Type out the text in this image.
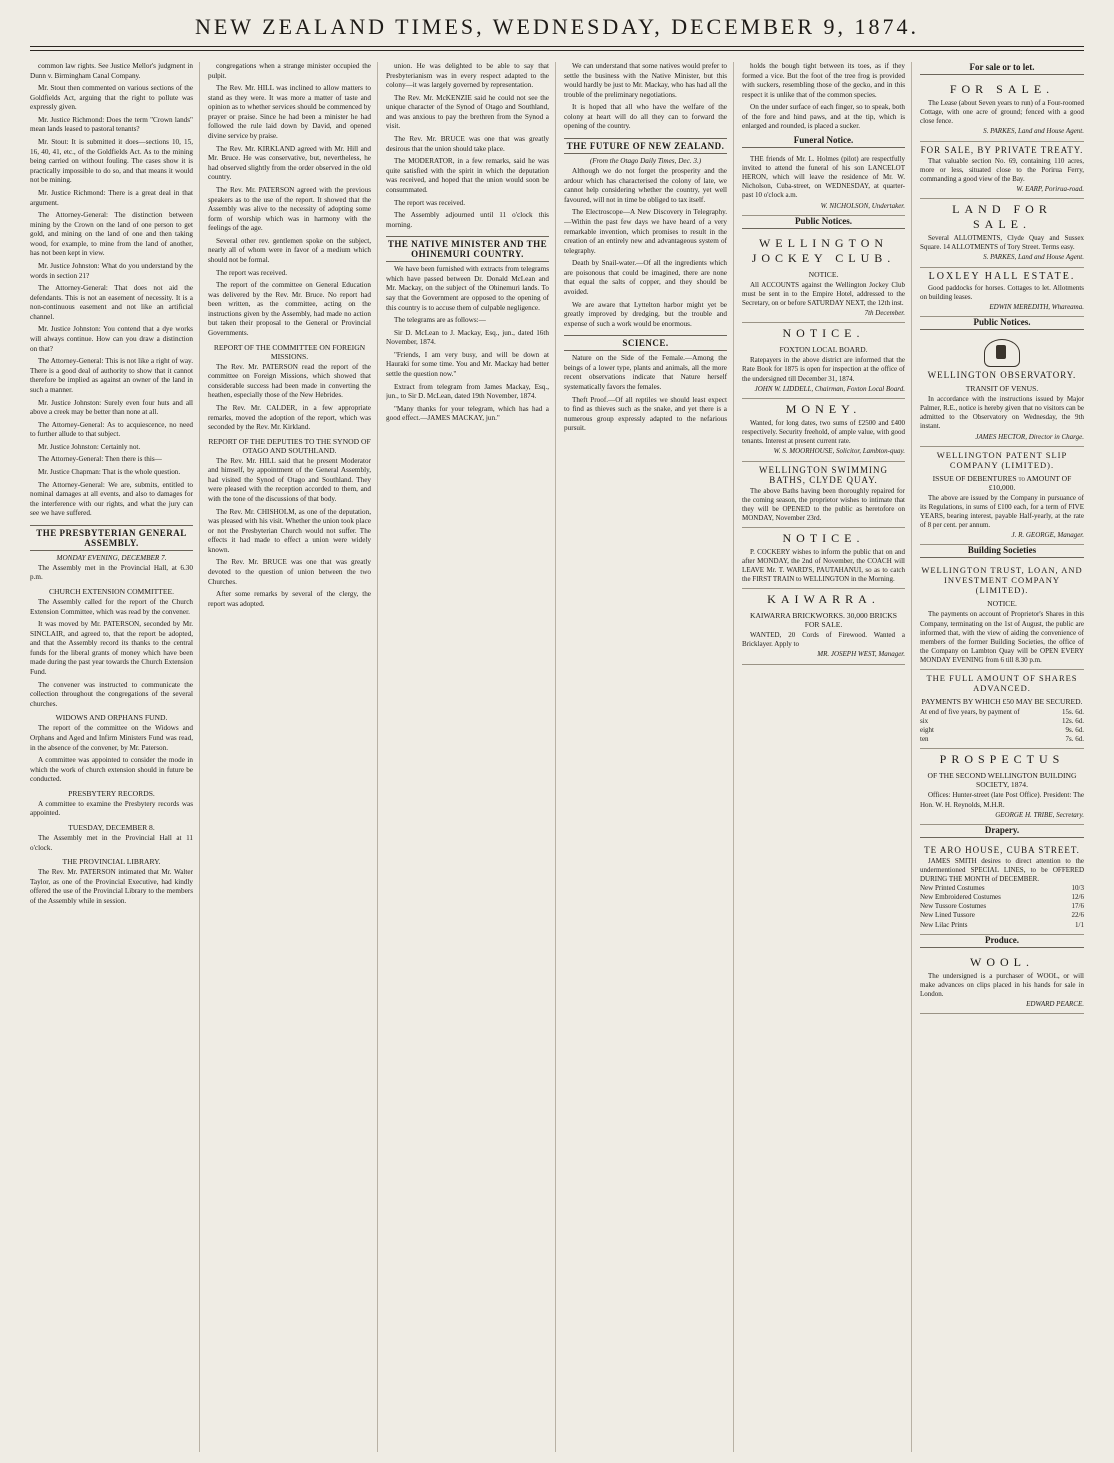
NEW ZEALAND TIMES, WEDNESDAY, DECEMBER 9, 1874.

common law rights. See Justice Mellor's judgment in Dunn v. Birmingham Canal Company.

Mr. Stout then commented on various sections of the Goldfields Act, arguing that the right to pollute was expressly given.

Mr. Justice Richmond: Does the term "Crown lands" mean lands leased to pastoral tenants?

Mr. Stout: It is submitted it does—sections 10, 15, 16, 40, 41, etc., of the Goldfields Act. As to the mining being carried on without fouling. The cases show it is practically impossible to do so, and that means it would not be mining.

Mr. Justice Richmond: There is a great deal in that argument.

The Attorney-General: The distinction between mining by the Crown on the land of one person to get gold, and mining on the land of one and then taking wood, for example, to mine from the land of another, has not been kept in view.

Mr. Justice Johnston: What do you understand by the words in section 21?

The Attorney-General: That does not aid the defendants. This is not an easement of necessity. It is a non-continuous easement and not like an artificial channel.

Mr. Justice Johnston: You contend that a dye works will always continue. How can you draw a distinction on that?

The Attorney-General: This is not like a right of way. There is a good deal of authority to show that it cannot therefore be implied as against an owner of the land in such a manner.

Mr. Justice Johnston: Surely even four huts and all above a creek may be better than none at all.

The Attorney-General: As to acquiescence, no need to further allude to that subject.

Mr. Justice Johnston: Certainly not.

The Attorney-General: Then there is this—

Mr. Justice Chapman: That is the whole question.

The Attorney-General: We are, submits, entitled to nominal damages at all events, and also to damages for the interference with our rights, and what the jury can see we have suffered.

THE PRESBYTERIAN GENERAL ASSEMBLY.
MONDAY EVENING, DECEMBER 7.

The Assembly met in the Provincial Hall, at 6.30 p.m.

CHURCH EXTENSION COMMITTEE.

The Assembly called for the report of the Church Extension Committee, which was read by the convener.

It was moved by Mr. PATERSON, seconded by Mr. SINCLAIR, and agreed to, that the report be adopted, and that the Assembly record its thanks to the central funds for the liberal grants of money which have been made during the past year towards the Church Extension Fund.

The convener was instructed to communicate the collection throughout the congregations of the several churches.

WIDOWS AND ORPHANS FUND.

The report of the committee on the Widows and Orphans and Aged and Infirm Ministers Fund was read, in the absence of the convener, by Mr. Paterson.

A committee was appointed to consider the mode in which the work of church extension should in future be conducted.

PRESBYTERY RECORDS.

A committee to examine the Presbytery records was appointed.

TUESDAY, DECEMBER 8.

The Assembly met in the Provincial Hall at 11 o'clock.

THE PROVINCIAL LIBRARY.

The Rev. Mr. PATERSON intimated that Mr. Walter Taylor, as one of the Provincial Executive, had kindly offered the use of the Provincial Library to the members of the Assembly while in session.

congregations when a strange minister occupied the pulpit.

The Rev. Mr. HILL was inclined to allow matters to stand as they were. It was more a matter of taste and opinion as to whether services should be commenced by prayer or praise. Since he had been a minister he had followed the rule laid down by David, and opened divine service by praise.

The Rev. Mr. KIRKLAND agreed with Mr. Hill and Mr. Bruce. He was conservative, but, nevertheless, he had observed slightly from the order observed in the old country.

The Rev. Mr. PATERSON agreed with the previous speakers as to the use of the report. It showed that the Assembly was alive to the necessity of adopting some form of worship which was in harmony with the feelings of the age.

Several other rev. gentlemen spoke on the subject, nearly all of whom were in favor of a medium which should not be formal.

The report was received.

The report of the committee on General Education was delivered by the Rev. Mr. Bruce. No report had been written, as the committee, acting on the instructions given by the Assembly, had made no action but taken their proposal to the General or Provincial Governments.

REPORT OF THE COMMITTEE ON FOREIGN MISSIONS.

The Rev. Mr. PATERSON read the report of the committee on Foreign Missions, which showed that considerable success had been made in converting the heathen, especially those of the New Hebrides.

The Rev. Mr. CALDER, in a few appropriate remarks, moved the adoption of the report, which was seconded by the Rev. Mr. Kirkland.

REPORT OF THE DEPUTIES TO THE SYNOD OF OTAGO AND SOUTHLAND.

The Rev. Mr. HILL said that he present Moderator and himself, by appointment of the General Assembly, had visited the Synod of Otago and Southland. They were pleased with the reception accorded to them, and with the tone of the discussions of that body.

The Rev. Mr. CHISHOLM, as one of the deputation, was pleased with his visit. Whether the union took place or not the Presbyterian Church would not suffer. The effects it had made to effect a union were widely known.

The Rev. Mr. BRUCE was one that was greatly devoted to the question of union between the two Churches.

After some remarks by several of the clergy, the report was adopted.

union. He was delighted to be able to say that Presbyterianism was in every respect adapted to the colony—it was largely governed by representation.

The Rev. Mr. McKENZIE said he could not see the unique character of the Synod of Otago and Southland, and was anxious to pay the brethren from the Synod a visit.

The Rev. Mr. BRUCE was one that was greatly desirous that the union should take place.

The MODERATOR, in a few remarks, said he was quite satisfied with the spirit in which the deputation was received, and hoped that the union would soon be consummated.

The report was received.

The Assembly adjourned until 11 o'clock this morning.

THE NATIVE MINISTER AND THE OHINEMURI COUNTRY.

We have been furnished with extracts from telegrams which have passed between Dr. Donald McLean and Mr. Mackay, on the subject of the Ohinemuri lands. To say that the Government are opposed to the opening of this country is to accuse them of culpable negligence.

The telegrams are as follows:—

Sir D. McLean to J. Mackay, Esq., jun., dated 16th November, 1874.

"Friends, I am very busy, and will be down at Hauraki for some time. You and Mr. Mackay had better settle the question now."

Extract from telegram from James Mackay, Esq., jun., to Sir D. McLean, dated 19th November, 1874.

"Many thanks for your telegram, which has had a good effect.—JAMES MACKAY, jun."

We can understand that some natives would prefer to settle the business with the Native Minister, but this would hardly be just to Mr. Mackay, who has had all the trouble of the preliminary negotiations.

It is hoped that all who have the welfare of the colony at heart will do all they can to forward the opening of the country.

THE FUTURE OF NEW ZEALAND.
(From the Otago Daily Times, Dec. 3.)

Although we do not forget the prosperity and the ardour which has characterised the colony of late, we cannot help considering whether the country, yet well favoured, will not in time be obliged to tax itself.

The Electroscope—A New Discovery in Telegraphy.—Within the past few days we have heard of a very remarkable invention, which promises to result in the creation of an entirely new and advantageous system of telegraphy.

Death by Snail-water.—Of all the ingredients which are poisonous that could be imagined, there are none that equal the salts of copper, and they should be avoided.

We are aware that Lyttelton harbor might yet be greatly improved by dredging, but the trouble and expense of such a work would be enormous.

SCIENCE.

Nature on the Side of the Female.—Among the beings of a lower type, plants and animals, all the more recent observations indicate that Nature herself systematically favors the females.

Theft Proof.—Of all reptiles we should least expect to find as thieves such as the snake, and yet there is a numerous group expressly adapted to the nefarious pursuit.

holds the bough tight between its toes, as if they formed a vice. But the foot of the tree frog is provided with suckers, resembling those of the gecko, and in this respect it is unlike that of the common species.

On the under surface of each finger, so to speak, both of the fore and hind paws, and at the tip, which is enlarged and rounded, is placed a sucker.

Funeral Notice.

THE friends of Mr. L. Holmes (pilot) are respectfully invited to attend the funeral of his son LANCELOT HERON, which will leave the residence of Mr. W. Nicholson, Cuba-street, on WEDNESDAY, at quarter-past 10 o'clock a.m.

W. NICHOLSON, Undertaker.

Public Notices.
WELLINGTON JOCKEY CLUB.
NOTICE.

All ACCOUNTS against the Wellington Jockey Club must be sent in to the Empire Hotel, addressed to the Secretary, on or before SATURDAY NEXT, the 12th inst.

7th December.

NOTICE.
FOXTON LOCAL BOARD.

Ratepayers in the above district are informed that the Rate Book for 1875 is open for inspection at the office of the undersigned till December 31, 1874.

JOHN W. LIDDELL, Chairman, Foxton Local Board.

MONEY.

Wanted, for long dates, two sums of £2500 and £400 respectively. Security freehold, of ample value, with good tenants. Interest at present current rate.

W. S. MOORHOUSE, Solicitor, Lambton-quay.

WELLINGTON SWIMMING BATHS, CLYDE QUAY.

The above Baths having been thoroughly repaired for the coming season, the proprietor wishes to intimate that they will be OPENED to the public as heretofore on MONDAY, November 23rd.

NOTICE.

P. COCKERY wishes to inform the public that on and after MONDAY, the 2nd of November, the COACH will LEAVE Mr. T. WARD'S, PAUTAHANUI, so as to catch the FIRST TRAIN to WELLINGTON in the Morning.

KAIWARRA.
KAIWARRA BRICKWORKS. 30,000 BRICKS FOR SALE.

WANTED, 20 Cords of Firewood. Wanted a Bricklayer. Apply to

MR. JOSEPH WEST, Manager.

For sale or to let.
FOR SALE.

The Lease (about Seven years to run) of a Four-roomed Cottage, with one acre of ground; fenced with a good close fence.

S. PARKES, Land and House Agent.

FOR SALE, BY PRIVATE TREATY.

That valuable section No. 69, containing 110 acres, more or less, situated close to the Porirua Ferry, commanding a good view of the Bay.

W. EARP, Porirua-road.

LAND FOR SALE.

Several ALLOTMENTS, Clyde Quay and Sussex Square. 14 ALLOTMENTS of Tory Street. Terms easy.

S. PARKES, Land and House Agent.

LOXLEY HALL ESTATE.

Good paddocks for horses. Cottages to let. Allotments on building leases.

EDWIN MEREDITH, Whareama.

Public Notices.
WELLINGTON OBSERVATORY.
TRANSIT OF VENUS.

In accordance with the instructions issued by Major Palmer, R.E., notice is hereby given that no visitors can be admitted to the Observatory on Wednesday, the 9th instant.

JAMES HECTOR, Director in Charge.

WELLINGTON PATENT SLIP COMPANY (LIMITED).
ISSUE OF DEBENTURES to AMOUNT OF £10,000.

The above are issued by the Company in pursuance of its Regulations, in sums of £100 each, for a term of FIVE YEARS, bearing interest, payable Half-yearly, at the rate of 8 per cent. per annum.

J. R. GEORGE, Manager.

Building Societies
WELLINGTON TRUST, LOAN, AND INVESTMENT COMPANY (LIMITED).
NOTICE.

The payments on account of Proprietor's Shares in this Company, terminating on the 1st of August, the public are informed that, with the view of aiding the convenience of members of the former Building Societies, the office of the Company on Lambton Quay will be OPEN EVERY MONDAY EVENING from 6 till 8.30 p.m.

THE FULL AMOUNT OF SHARES ADVANCED.
PAYMENTS BY WHICH £50 MAY BE SECURED.
At end of five years, by payment of	15s. 6d.
six	12s. 6d.
eight	9s. 6d.
ten	7s. 6d.
PROSPECTUS
OF THE SECOND WELLINGTON BUILDING SOCIETY, 1874.

Offices: Hunter-street (late Post Office). President: The Hon. W. H. Reynolds, M.H.R.

GEORGE H. TRIBE, Secretary.

Drapery.
TE ARO HOUSE, CUBA STREET.

JAMES SMITH desires to direct attention to the undermentioned SPECIAL LINES, to be OFFERED DURING THE MONTH of DECEMBER.

New Printed Costumes	10/3
New Embroidered Costumes	12/6
New Tussore Costumes	17/6
New Lined Tussore	22/6
New Lilac Prints	1/1
Produce.
WOOL.

The undersigned is a purchaser of WOOL, or will make advances on clips placed in his hands for sale in London.

EDWARD PEARCE.
